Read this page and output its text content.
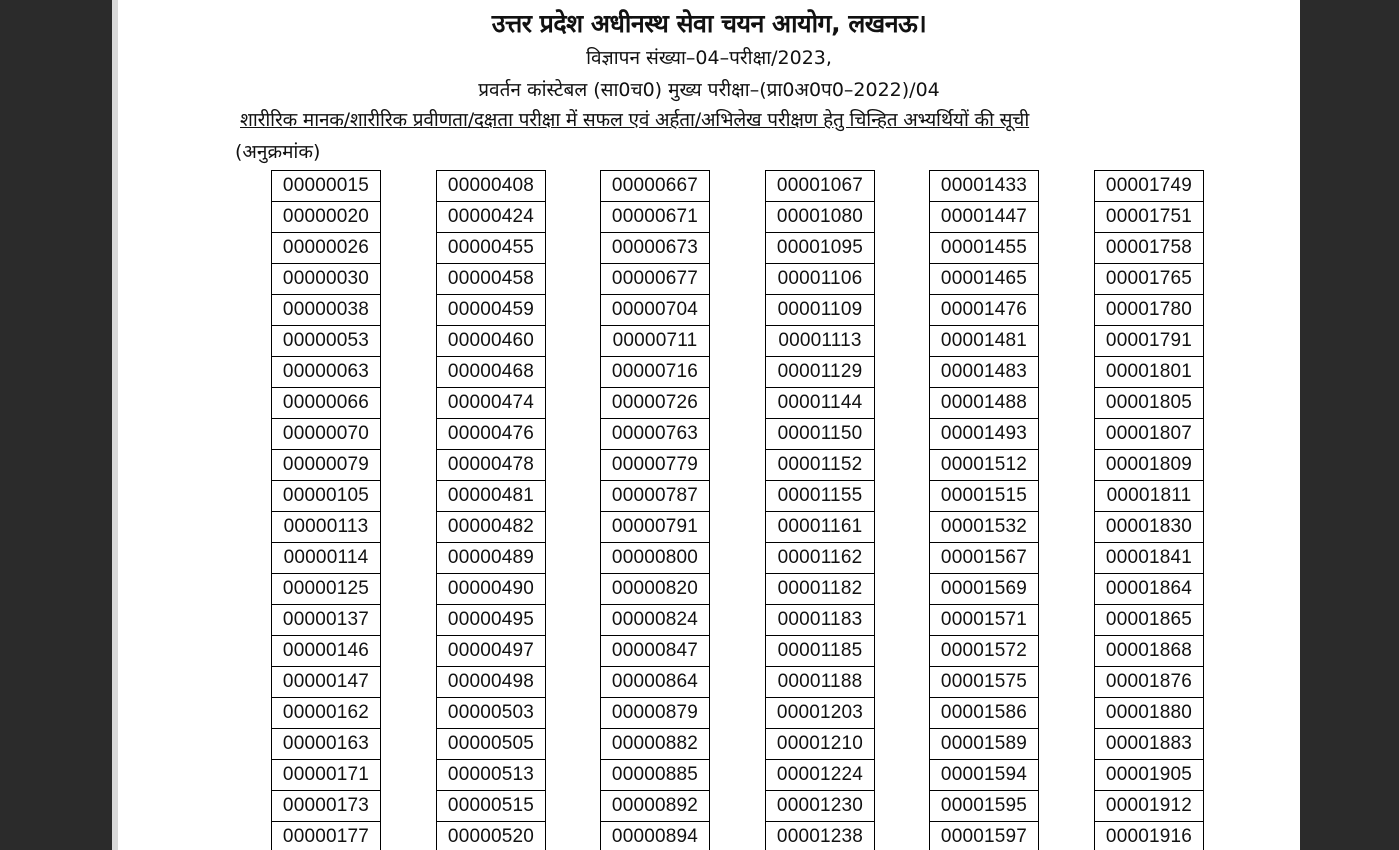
उत्तर प्रदेश अधीनस्थ सेवा चयन आयोग, लखनऊ।
विज्ञापन संख्या–04–परीक्षा/2023,
प्रवर्तन कांस्टेबल (सा0च0) मुख्य परीक्षा–(प्रा0अ0प0–2022)/04
शारीरिक मानक/शारीरिक प्रवीणता/दक्षता परीक्षा में सफल एवं अर्हता/अभिलेख परीक्षण हेतु चिन्हित अभ्यर्थियों की सूची
(अनुक्रमांक)
00000015
00000020
00000026
00000030
00000038
00000053
00000063
00000066
00000070
00000079
00000105
00000113
00000114
00000125
00000137
00000146
00000147
00000162
00000163
00000171
00000173
00000177
00000408
00000424
00000455
00000458
00000459
00000460
00000468
00000474
00000476
00000478
00000481
00000482
00000489
00000490
00000495
00000497
00000498
00000503
00000505
00000513
00000515
00000520
00000667
00000671
00000673
00000677
00000704
00000711
00000716
00000726
00000763
00000779
00000787
00000791
00000800
00000820
00000824
00000847
00000864
00000879
00000882
00000885
00000892
00000894
00001067
00001080
00001095
00001106
00001109
00001113
00001129
00001144
00001150
00001152
00001155
00001161
00001162
00001182
00001183
00001185
00001188
00001203
00001210
00001224
00001230
00001238
00001433
00001447
00001455
00001465
00001476
00001481
00001483
00001488
00001493
00001512
00001515
00001532
00001567
00001569
00001571
00001572
00001575
00001586
00001589
00001594
00001595
00001597
00001749
00001751
00001758
00001765
00001780
00001791
00001801
00001805
00001807
00001809
00001811
00001830
00001841
00001864
00001865
00001868
00001876
00001880
00001883
00001905
00001912
00001916
